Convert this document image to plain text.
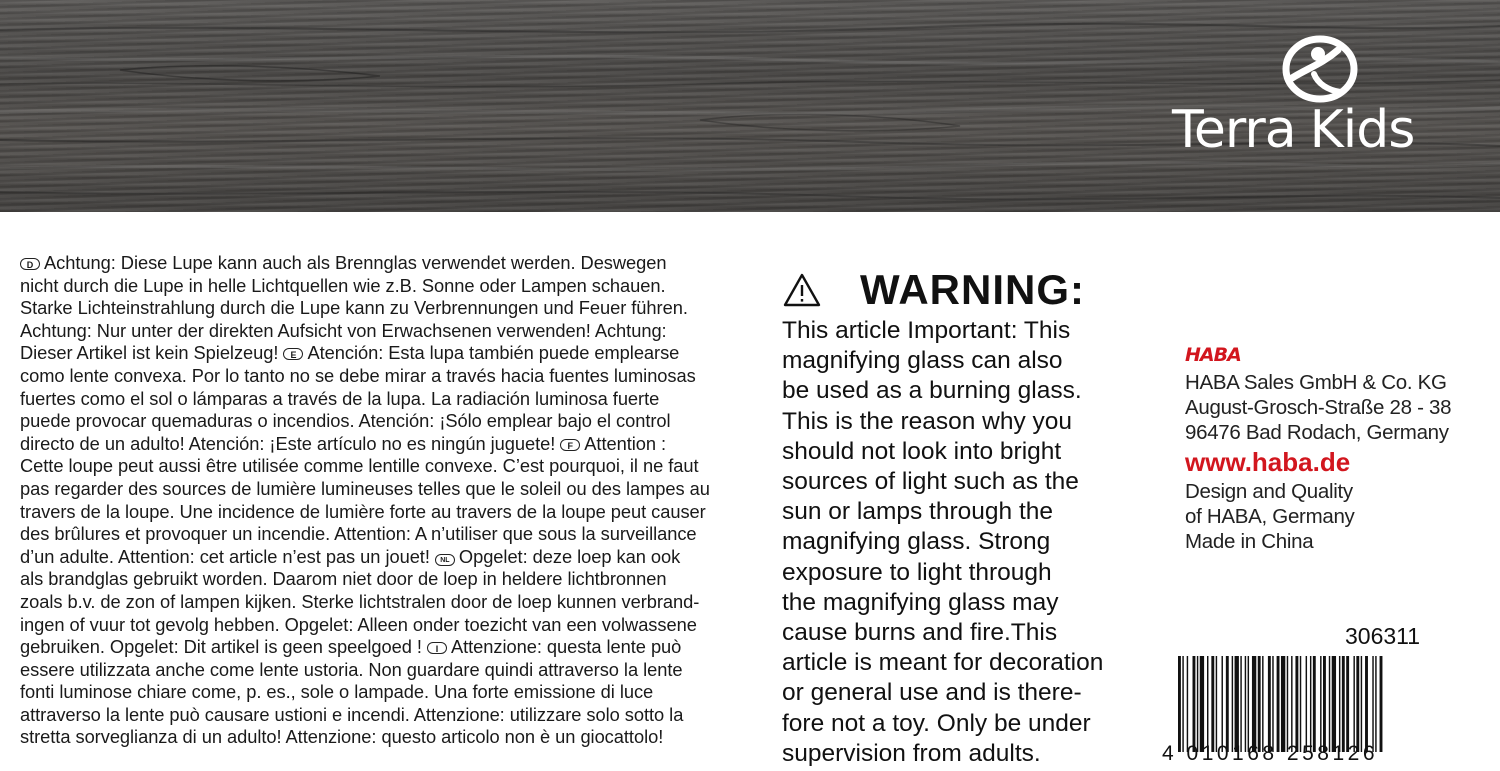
Terra Kids
D Achtung: Diese Lupe kann auch als Brennglas verwendet werden. Deswegen
nicht durch die Lupe in helle Lichtquellen wie z.B. Sonne oder Lampen schauen.
Starke Lichteinstrahlung durch die Lupe kann zu Verbrennungen und Feuer führen.
Achtung: Nur unter der direkten Aufsicht von Erwachsenen verwenden! Achtung:
Dieser Artikel ist kein Spielzeug! E Atención: Esta lupa también puede emplearse
como lente convexa. Por lo tanto no se debe mirar a través hacia fuentes luminosas
fuertes como el sol o lámparas a través de la lupa. La radiación luminosa fuerte
puede provocar quemaduras o incendios. Atención: ¡Sólo emplear bajo el control
directo de un adulto! Atención: ¡Este artículo no es ningún juguete! F Attention :
Cette loupe peut aussi être utilisée comme lentille convexe. C’est pourquoi, il ne faut
pas regarder des sources de lumière lumineuses telles que le soleil ou des lampes au
travers de la loupe. Une incidence de lumière forte au travers de la loupe peut causer
des brûlures et provoquer un incendie. Attention: A n’utiliser que sous la surveillance
d’un adulte. Attention: cet article n’est pas un jouet! NL Opgelet: deze loep kan ook
als brandglas gebruikt worden. Daarom niet door de loep in heldere lichtbronnen
zoals b.v. de zon of lampen kijken. Sterke lichtstralen door de loep kunnen verbrand-
ingen of vuur tot gevolg hebben. Opgelet: Alleen onder toezicht van een volwassene
gebruiken. Opgelet: Dit artikel is geen speelgoed ! I Attenzione: questa lente può
essere utilizzata anche come lente ustoria. Non guardare quindi attraverso la lente
fonti luminose chiare come, p. es., sole o lampade. Una forte emissione di luce
attraverso la lente può causare ustioni e incendi. Attenzione: utilizzare solo sotto la
stretta sorveglianza di un adulto! Attenzione: questo articolo non è un giocattolo!
WARNING:
This article Important: This
magnifying glass can also
be used as a burning glass.
This is the reason why you
should not look into bright
sources of light such as the
sun or lamps through the
magnifying glass. Strong
exposure to light through
the magnifying glass may
cause burns and fire.This
article is meant for decoration
or general use and is there-
fore not a toy. Only be under
supervision from adults.
HABA
HABA Sales GmbH & Co. KG
August-Grosch-Straße 28 - 38
96476 Bad Rodach, Germany
www.haba.de
Design and Quality
of HABA, Germany
Made in China
306311
4 010168 258126
